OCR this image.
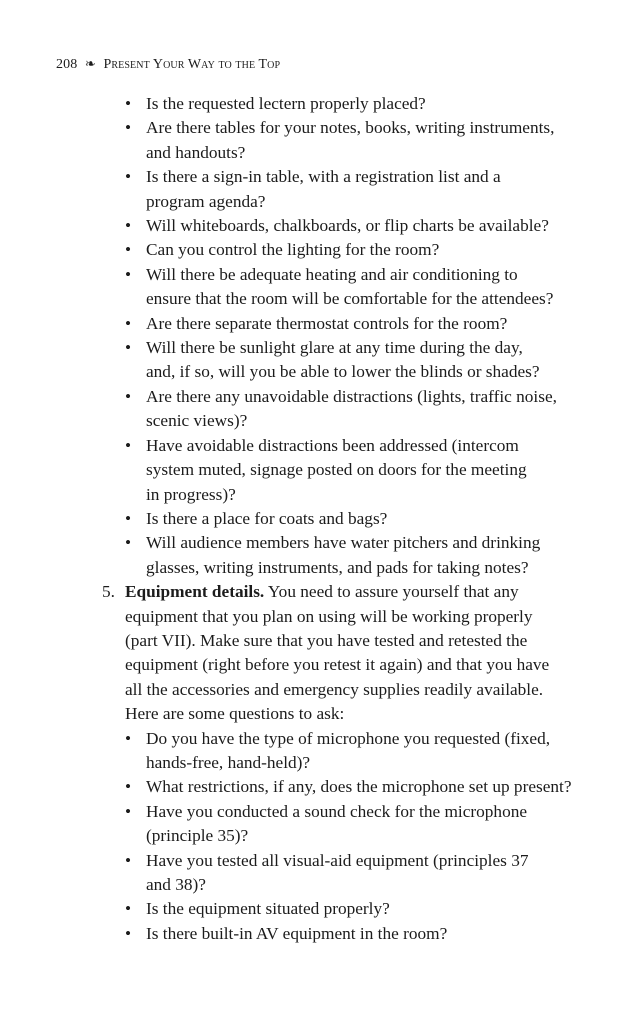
208 ❧ Present Your Way to the Top
• Is the requested lectern properly placed?
• Are there tables for your notes, books, writing instruments,
and handouts?
• Is there a sign-in table, with a registration list and a
program agenda?
• Will whiteboards, chalkboards, or flip charts be available?
• Can you control the lighting for the room?
• Will there be adequate heating and air conditioning to
ensure that the room will be comfortable for the attendees?
• Are there separate thermostat controls for the room?
• Will there be sunlight glare at any time during the day,
and, if so, will you be able to lower the blinds or shades?
• Are there any unavoidable distractions (lights, traffic noise,
scenic views)?
• Have avoidable distractions been addressed (intercom
system muted, signage posted on doors for the meeting
in progress)?
• Is there a place for coats and bags?
• Will audience members have water pitchers and drinking
glasses, writing instruments, and pads for taking notes?
5. Equipment details. You need to assure yourself that any
equipment that you plan on using will be working properly
(part VII). Make sure that you have tested and retested the
equipment (right before you retest it again) and that you have
all the accessories and emergency supplies readily available.
Here are some questions to ask:
• Do you have the type of microphone you requested (fixed,
hands-free, hand-held)?
• What restrictions, if any, does the microphone set up present?
• Have you conducted a sound check for the microphone
(principle 35)?
• Have you tested all visual-aid equipment (principles 37
and 38)?
• Is the equipment situated properly?
• Is there built-in AV equipment in the room?
